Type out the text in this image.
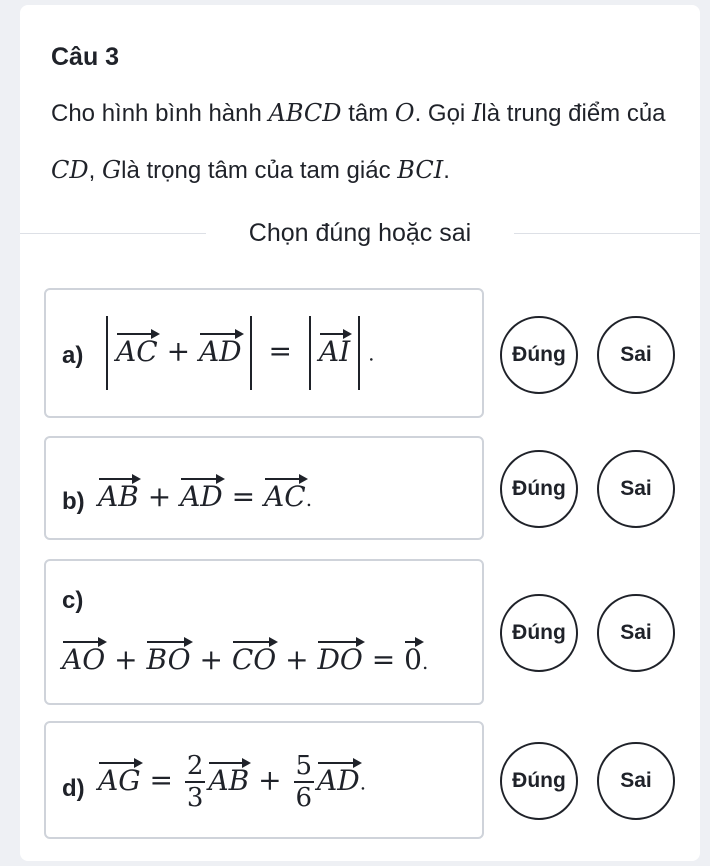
Câu 3
Cho hình bình hành ABCD tâm O. Gọi Ilà trung điểm của CD, Glà trọng tâm của tam giác BCI.
Chọn đúng hoặc sai
a)	AC + AD = AI .	Đúng	Sai
b) AB + AD = AC.	Đúng	Sai
c)
AO + BO + CO + DO = 0.
Đúng	Sai
d) AG = $\frac{2}{3}$ AB + $\frac{5}{6}$ AD.	Đúng	Sai
